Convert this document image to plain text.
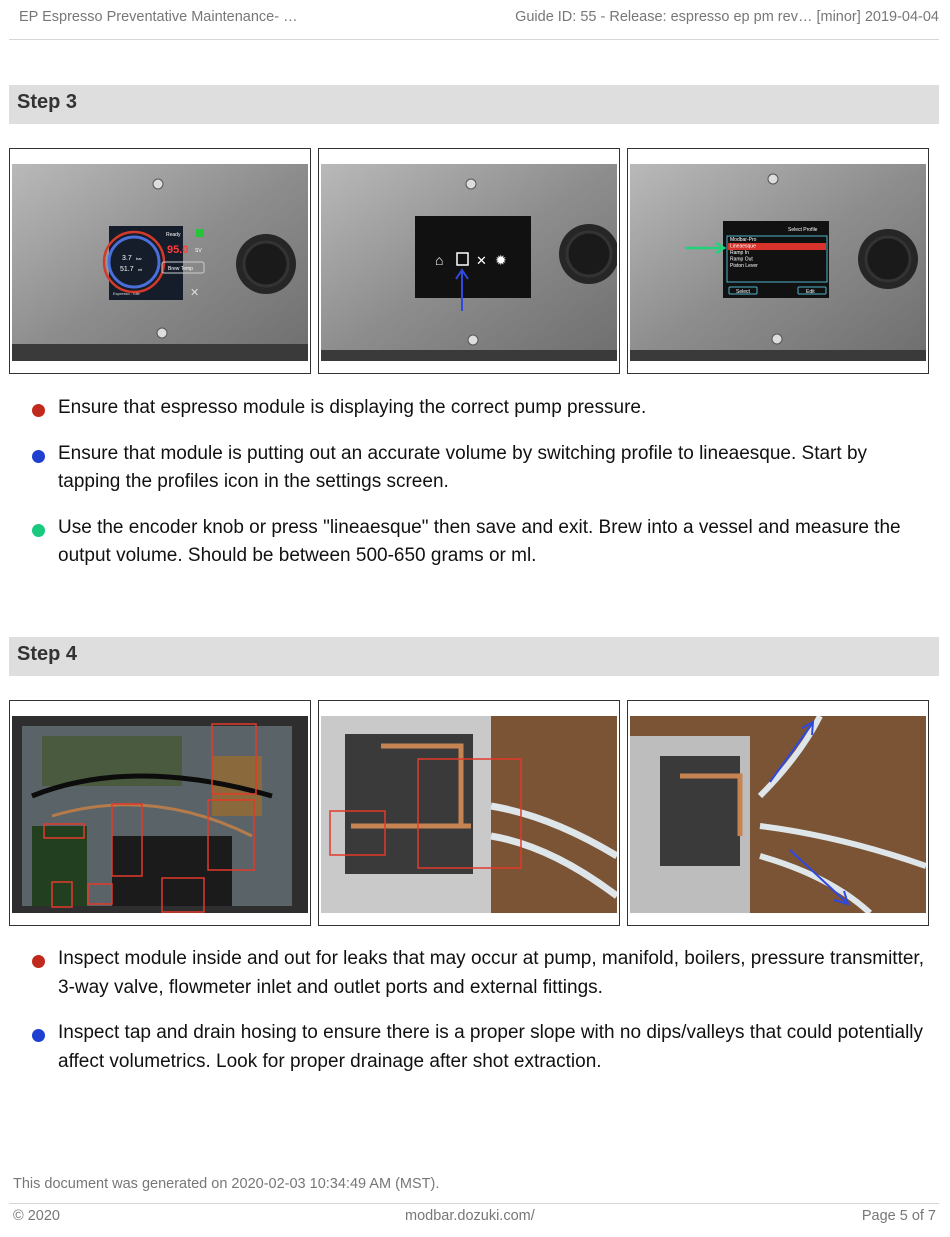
EP Espresso Preventative Maintenance- …	Guide ID: 55 - Release: espresso ep pm rev… [minor] 2019-04-04
Step 3
Ready
95.0 SV
3.7 bar
51.7 ml	Brew Temp
Espresso - Idle	✕
⌂	✕ ✹
Select Profile
Modbar-Pro
Lineaesque
Ramp In
Ramp Out
Piston Lever
Select	Edit
Ensure that espresso module is displaying the correct pump pressure.
Ensure that module is putting out an accurate volume by switching profile to lineaesque. Start by tapping the profiles icon in the settings screen.
Use the encoder knob or press "lineaesque" then save and exit. Brew into a vessel and measure the output volume. Should be between 500-650 grams or ml.
Step 4
Inspect module inside and out for leaks that may occur at pump, manifold, boilers, pressure transmitter, 3-way valve, flowmeter inlet and outlet ports and external fittings.
Inspect tap and drain hosing to ensure there is a proper slope with no dips/valleys that could potentially affect volumetrics. Look for proper drainage after shot extraction.
This document was generated on 2020-02-03 10:34:49 AM (MST).
© 2020	modbar.dozuki.com/	Page 5 of 7
